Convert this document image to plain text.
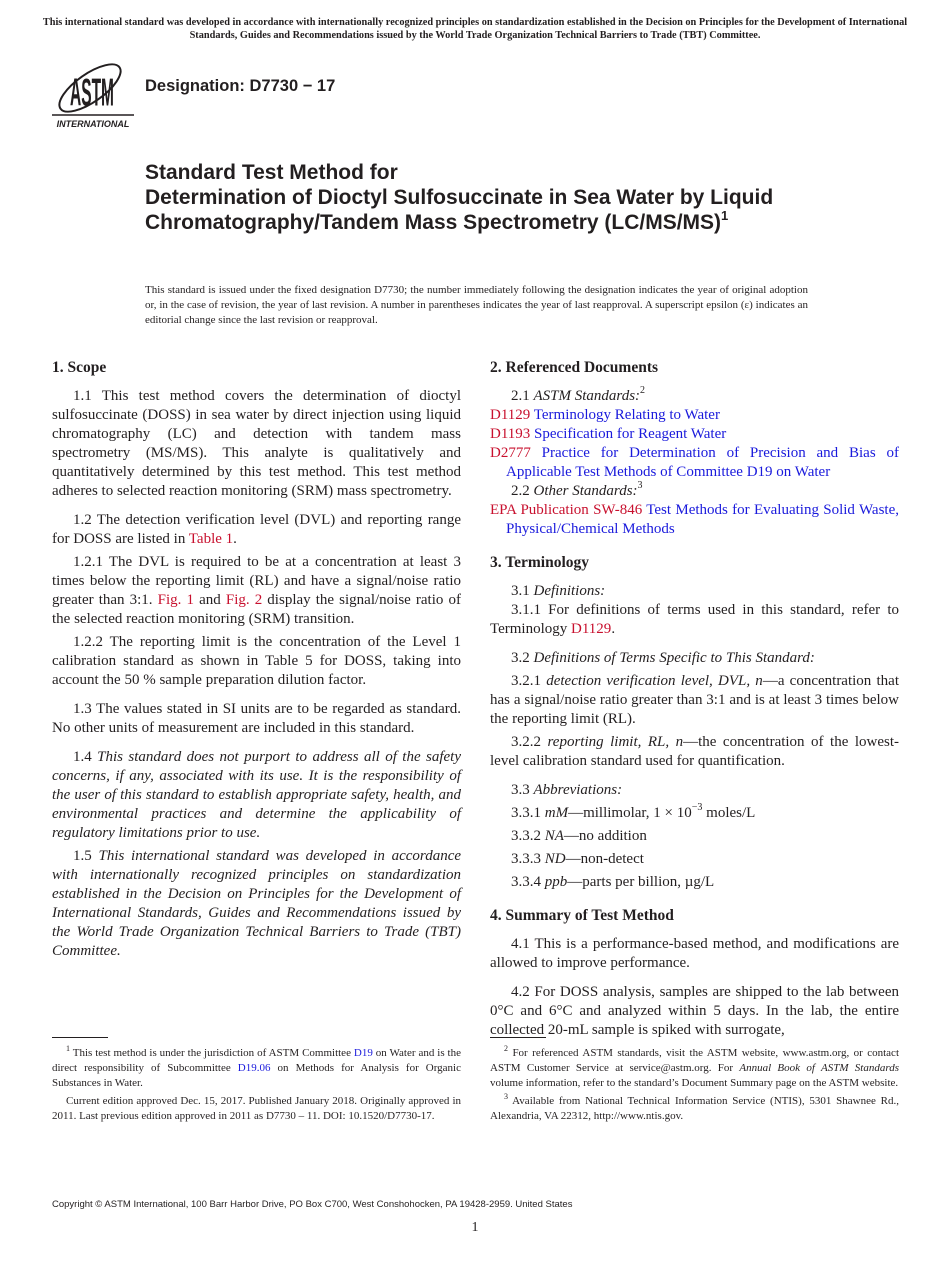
This international standard was developed in accordance with internationally recognized principles on standardization established in the Decision on Principles for the Development of International Standards, Guides and Recommendations issued by the World Trade Organization Technical Barriers to Trade (TBT) Committee.
ASTM
INTERNATIONAL
Designation: D7730 − 17
Standard Test Method for
Determination of Dioctyl Sulfosuccinate in Sea Water by Liquid Chromatography/Tandem Mass Spectrometry $(LC/MS/MS)^1$
This standard is issued under the fixed designation D7730; the number immediately following the designation indicates the year of original adoption or, in the case of revision, the year of last revision. A number in parentheses indicates the year of last reapproval. A superscript epsilon (ε) indicates an editorial change since the last revision or reapproval.

1. Scope

1.1 This test method covers the determination of dioctyl sulfosuccinate (DOSS) in sea water by direct injection using liquid chromatography (LC) and detection with tandem mass spectrometry (MS/MS). This analyte is qualitatively and quantitatively determined by this test method. This test method adheres to selected reaction monitoring (SRM) mass spectrometry.

1.2 The detection verification level (DVL) and reporting range for DOSS are listed in Table 1.

1.2.1 The DVL is required to be at a concentration at least 3 times below the reporting limit (RL) and have a signal/noise ratio greater than 3:1. Fig. 1 and Fig. 2 display the signal/noise ratio of the selected reaction monitoring (SRM) transition.

1.2.2 The reporting limit is the concentration of the Level 1 calibration standard as shown in Table 5 for DOSS, taking into account the 50 % sample preparation dilution factor.

1.3 The values stated in SI units are to be regarded as standard. No other units of measurement are included in this standard.

1.4 This standard does not purport to address all of the safety concerns, if any, associated with its use. It is the responsibility of the user of this standard to establish appropriate safety, health, and environmental practices and determine the applicability of regulatory limitations prior to use.

1.5 This international standard was developed in accordance with internationally recognized principles on standardization established in the Decision on Principles for the Development of International Standards, Guides and Recommendations issued by the World Trade Organization Technical Barriers to Trade (TBT) Committee.

2. Referenced Documents

2.1 ASTM Standards:$^2$

D1129 Terminology Relating to Water

D1193 Specification for Reagent Water

D2777 Practice for Determination of Precision and Bias of Applicable Test Methods of Committee D19 on Water

2.2 Other Standards:$^3$

EPA Publication SW-846 Test Methods for Evaluating Solid Waste, Physical/Chemical Methods

3. Terminology

3.1 Definitions:

3.1.1 For definitions of terms used in this standard, refer to Terminology D1129.

3.2 Definitions of Terms Specific to This Standard:

3.2.1 detection verification level, DVL, n—a concentration that has a signal/noise ratio greater than 3:1 and is at least 3 times below the reporting limit (RL).

3.2.2 reporting limit, RL, n—the concentration of the lowest-level calibration standard used for quantification.

3.3 Abbreviations:

3.3.1 mM—millimolar, $1 \times 10^{-3}$ moles/L

3.3.2 NA—no addition

3.3.3 ND—non-detect

3.3.4 ppb—parts per billion, µg/L

4. Summary of Test Method

4.1 This is a performance-based method, and modifications are allowed to improve performance.

4.2 For DOSS analysis, samples are shipped to the lab between 0°C and 6°C and analyzed within 5 days. In the lab, the entire collected 20-mL sample is spiked with surrogate,

$^1$ This test method is under the jurisdiction of ASTM Committee D19 on Water and is the direct responsibility of Subcommittee D19.06 on Methods for Analysis for Organic Substances in Water.

Current edition approved Dec. 15, 2017. Published January 2018. Originally approved in 2011. Last previous edition approved in 2011 as D7730 – 11. DOI: 10.1520/D7730-17.

$^2$ For referenced ASTM standards, visit the ASTM website, www.astm.org, or contact ASTM Customer Service at service@astm.org. For Annual Book of ASTM Standards volume information, refer to the standard’s Document Summary page on the ASTM website.

$^3$ Available from National Technical Information Service (NTIS), 5301 Shawnee Rd., Alexandria, VA 22312, http://www.ntis.gov.

Copyright © ASTM International, 100 Barr Harbor Drive, PO Box C700, West Conshohocken, PA 19428-2959. United States
1
